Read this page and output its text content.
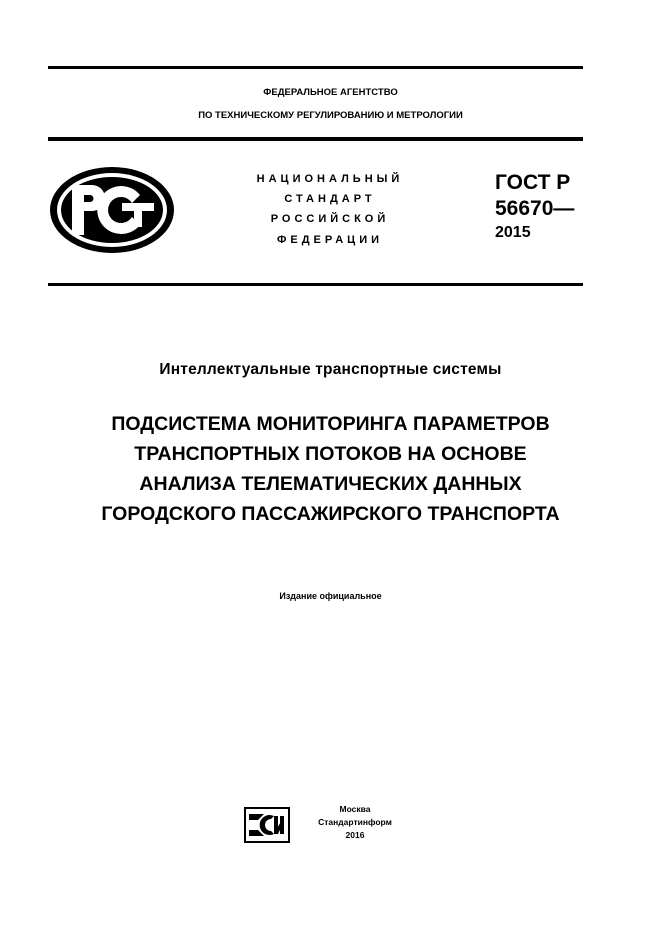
ФЕДЕРАЛЬНОЕ АГЕНТСТВО
ПО ТЕХНИЧЕСКОМУ РЕГУЛИРОВАНИЮ И МЕТРОЛОГИИ
НАЦИОНАЛЬНЫЙ
СТАНДАРТ
РОССИЙСКОЙ
ФЕДЕРАЦИИ
ГОСТ Р
56670—
2015
Интеллектуальные транспортные системы
ПОДСИСТЕМА МОНИТОРИНГА ПАРАМЕТРОВ
ТРАНСПОРТНЫХ ПОТОКОВ НА ОСНОВЕ
АНАЛИЗА ТЕЛЕМАТИЧЕСКИХ ДАННЫХ
ГОРОДСКОГО ПАССАЖИРСКОГО ТРАНСПОРТА
Издание официальное
Москва
Стандартинформ
2016
